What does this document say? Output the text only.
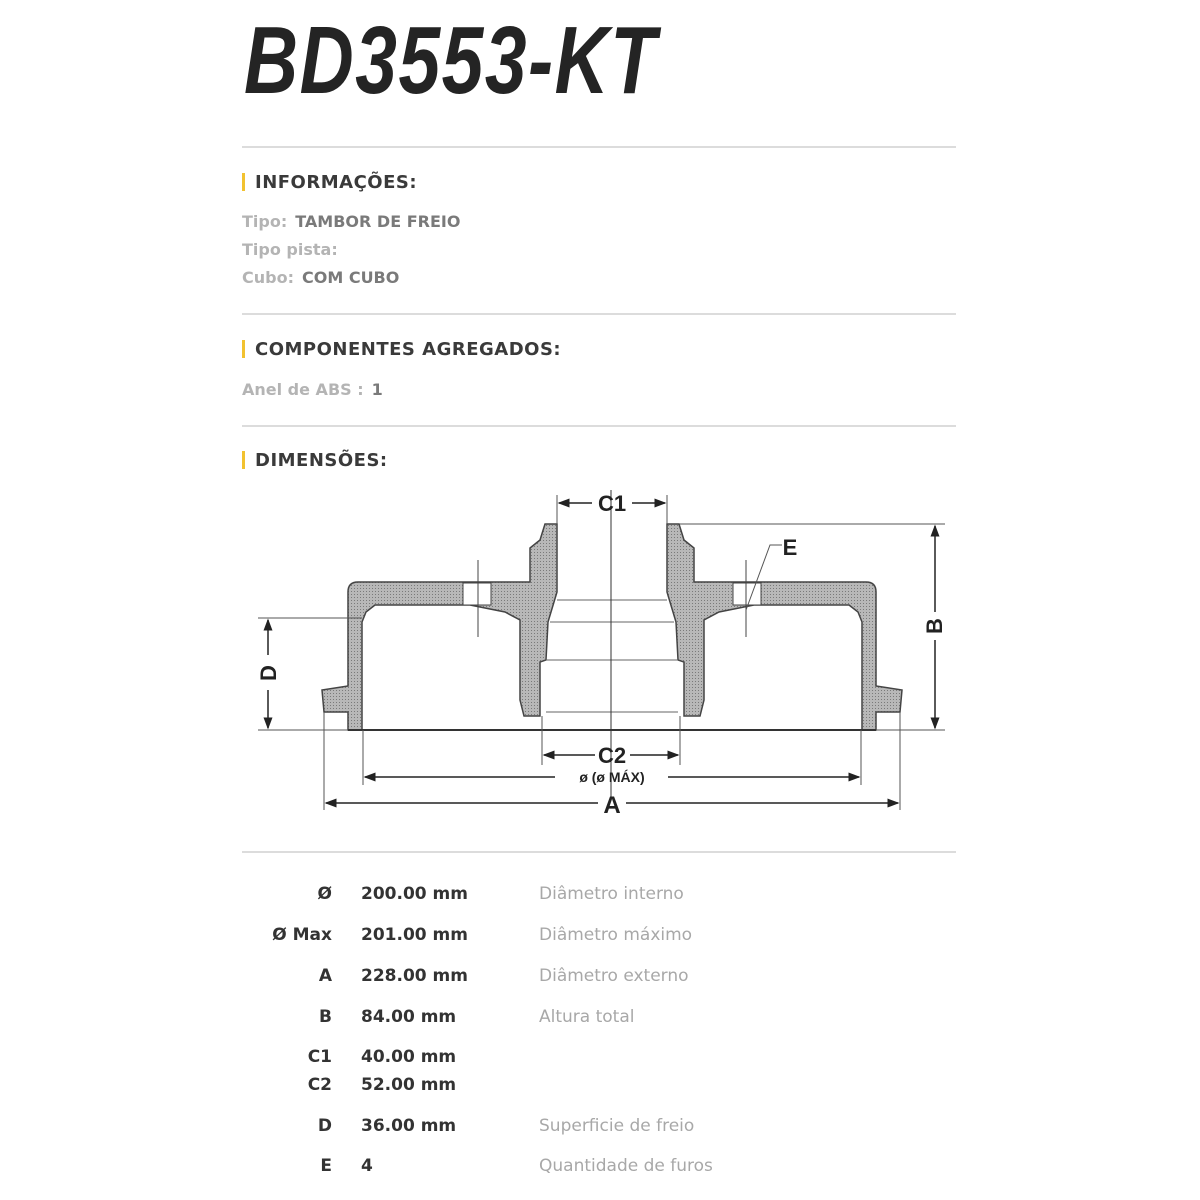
BD3553-KT
INFORMAÇÕES:
Tipo: TAMBOR DE FREIO
Tipo pista:
Cubo: COM CUBO
COMPONENTES AGREGADOS:
Anel de ABS : 1
DIMENSÕES:
C1
E
B
D
C2
ø (ø MÁX)
A
Ø 200.00 mm	Diâmetro interno
Ø Max 201.00 mm	Diâmetro máximo
A 228.00 mm	Diâmetro externo
B 84.00 mm	Altura total
C1 40.00 mm
C2 52.00 mm
D 36.00 mm	Superficie de freio
E 4	Quantidade de furos
